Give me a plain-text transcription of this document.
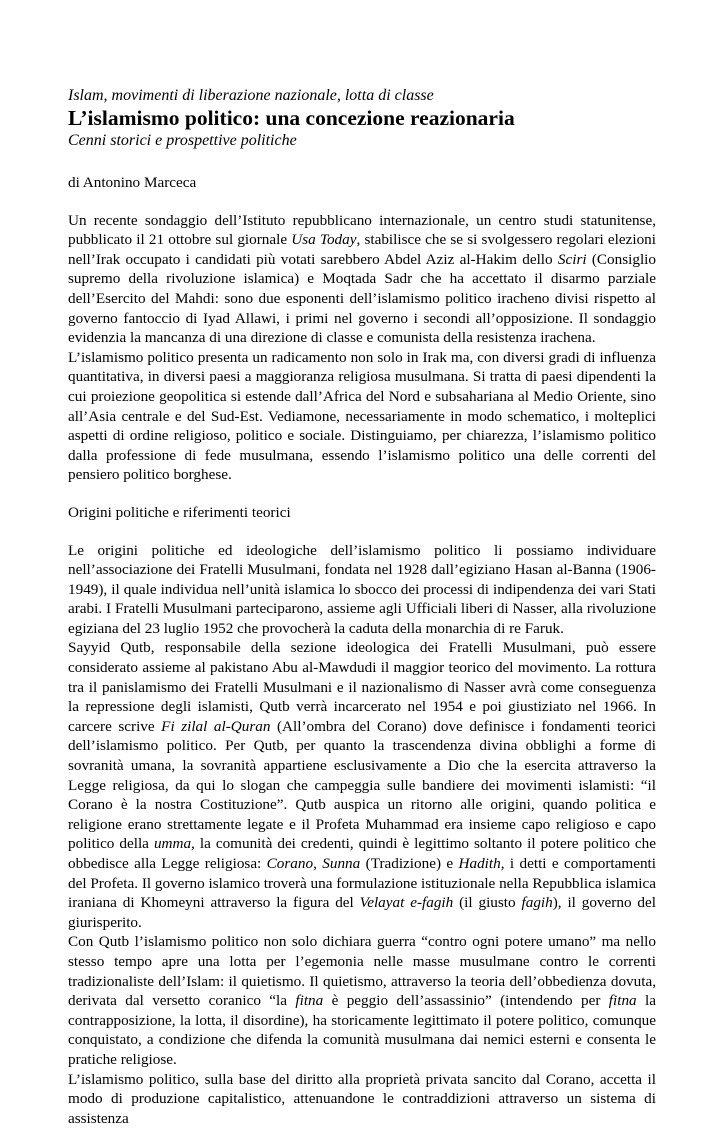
Islam, movimenti di liberazione nazionale, lotta di classe

L’islamismo politico: una concezione reazionaria

Cenni storici e prospettive politiche

di Antonino Marceca

Un recente sondaggio dell’Istituto repubblicano internazionale, un centro studi statunitense, pubblicato il 21 ottobre sul giornale Usa Today, stabilisce che se si svolgessero regolari elezioni nell’Irak occupato i candidati più votati sarebbero Abdel Aziz al-Hakim dello Sciri (Consiglio supremo della rivoluzione islamica) e Moqtada Sadr che ha accettato il disarmo parziale dell’Esercito del Mahdi: sono due esponenti dell’islamismo politico iracheno divisi rispetto al governo fantoccio di Iyad Allawi, i primi nel governo i secondi all’opposizione. Il sondaggio evidenzia la mancanza di una direzione di classe e comunista della resistenza irachena.

L’islamismo politico presenta un radicamento non solo in Irak ma, con diversi gradi di influenza quantitativa, in diversi paesi a maggioranza religiosa musulmana. Si tratta di paesi dipendenti la cui proiezione geopolitica si estende dall’Africa del Nord e subsahariana al Medio Oriente, sino all’Asia centrale e del Sud-Est. Vediamone, necessariamente in modo schematico, i molteplici aspetti di ordine religioso, politico e sociale. Distinguiamo, per chiarezza, l’islamismo politico dalla professione di fede musulmana, essendo l’islamismo politico una delle correnti del pensiero politico borghese.

Origini politiche e riferimenti teorici

Le origini politiche ed ideologiche dell’islamismo politico li possiamo individuare nell’associazione dei Fratelli Musulmani, fondata nel 1928 dall’egiziano Hasan al-Banna (1906-1949), il quale individua nell’unità islamica lo sbocco dei processi di indipendenza dei vari Stati arabi. I Fratelli Musulmani parteciparono, assieme agli Ufficiali liberi di Nasser, alla rivoluzione egiziana del 23 luglio 1952 che provocherà la caduta della monarchia di re Faruk.

Sayyid Qutb, responsabile della sezione ideologica dei Fratelli Musulmani, può essere considerato assieme al pakistano Abu al-Mawdudi il maggior teorico del movimento. La rottura tra il panislamismo dei Fratelli Musulmani e il nazionalismo di Nasser avrà come conseguenza la repressione degli islamisti, Qutb verrà incarcerato nel 1954 e poi giustiziato nel 1966. In carcere scrive Fi zilal al-Quran (All’ombra del Corano) dove definisce i fondamenti teorici dell’islamismo politico. Per Qutb, per quanto la trascendenza divina obblighi a forme di sovranità umana, la sovranità appartiene esclusivamente a Dio che la esercita attraverso la Legge religiosa, da qui lo slogan che campeggia sulle bandiere dei movimenti islamisti: “il Corano è la nostra Costituzione”. Qutb auspica un ritorno alle origini, quando politica e religione erano strettamente legate e il Profeta Muhammad era insieme capo religioso e capo politico della umma, la comunità dei credenti, quindi è legittimo soltanto il potere politico che obbedisce alla Legge religiosa: Corano, Sunna (Tradizione) e Hadith, i detti e comportamenti del Profeta. Il governo islamico troverà una formulazione istituzionale nella Repubblica islamica iraniana di Khomeyni attraverso la figura del Velayat e-fagih (il giusto fagih), il governo del giurisperito.

Con Qutb l’islamismo politico non solo dichiara guerra “contro ogni potere umano” ma nello stesso tempo apre una lotta per l’egemonia nelle masse musulmane contro le correnti tradizionaliste dell’Islam: il quietismo. Il quietismo, attraverso la teoria dell’obbedienza dovuta, derivata dal versetto coranico “la fitna è peggio dell’assassinio” (intendendo per fitna la contrapposizione, la lotta, il disordine), ha storicamente legittimato il potere politico, comunque conquistato, a condizione che difenda la comunità musulmana dai nemici esterni e consenta le pratiche religiose.

L’islamismo politico, sulla base del diritto alla proprietà privata sancito dal Corano, accetta il modo di produzione capitalistico, attenuandone le contraddizioni attraverso un sistema di assistenza
